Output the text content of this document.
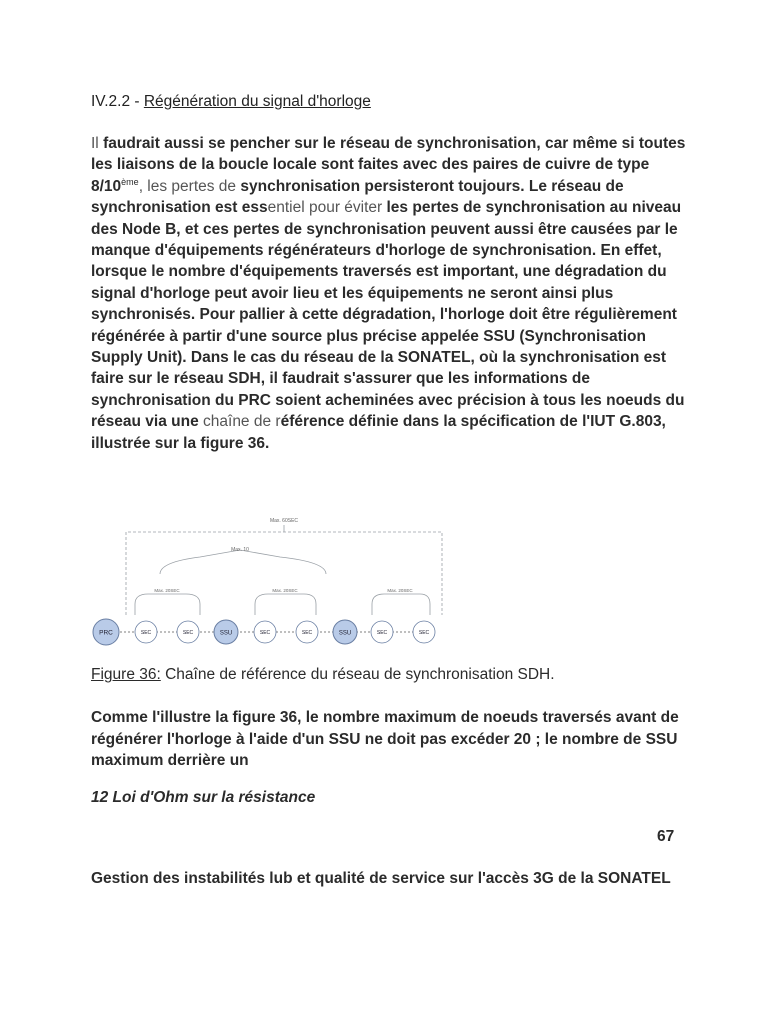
IV.2.2 - Régénération du signal d'horloge
Il faudrait aussi se pencher sur le réseau de synchronisation, car même si toutes les liaisons de la boucle locale sont faites avec des paires de cuivre de type 8/10ème, les pertes de synchronisation persisteront toujours. Le réseau de synchronisation est essentiel pour éviter les pertes de synchronisation au niveau des Node B, et ces pertes de synchronisation peuvent aussi être causées par le manque d'équipements régénérateurs d'horloge de synchronisation. En effet, lorsque le nombre d'équipements traversés est important, une dégradation du signal d'horloge peut avoir lieu et les équipements ne seront ainsi plus synchronisés. Pour pallier à cette dégradation, l'horloge doit être régulièrement régénérée à partir d'une source plus précise appelée SSU (Synchronisation Supply Unit). Dans le cas du réseau de la SONATEL, où la synchronisation est faire sur le réseau SDH, il faudrait s'assurer que les informations de synchronisation du PRC soient acheminées avec précision à tous les noeuds du réseau via une chaîne de référence définie dans la spécification de l'IUT G.803, illustrée sur la figure 36.
Max. 60SEC
Max. 10
Max. 20SEC	Max. 20SEC	Max. 20SEC
PRC	SEC	SEC	SSU	SEC	SEC	SSU	SEC	SEC
Figure 36: Chaîne de référence du réseau de synchronisation SDH.
Comme l'illustre la figure 36, le nombre maximum de noeuds traversés avant de régénérer l'horloge à l'aide d'un SSU ne doit pas excéder 20 ; le nombre de SSU maximum derrière un
12 Loi d'Ohm sur la résistance
67
Gestion des instabilités lub et qualité de service sur l'accès 3G de la SONATEL
